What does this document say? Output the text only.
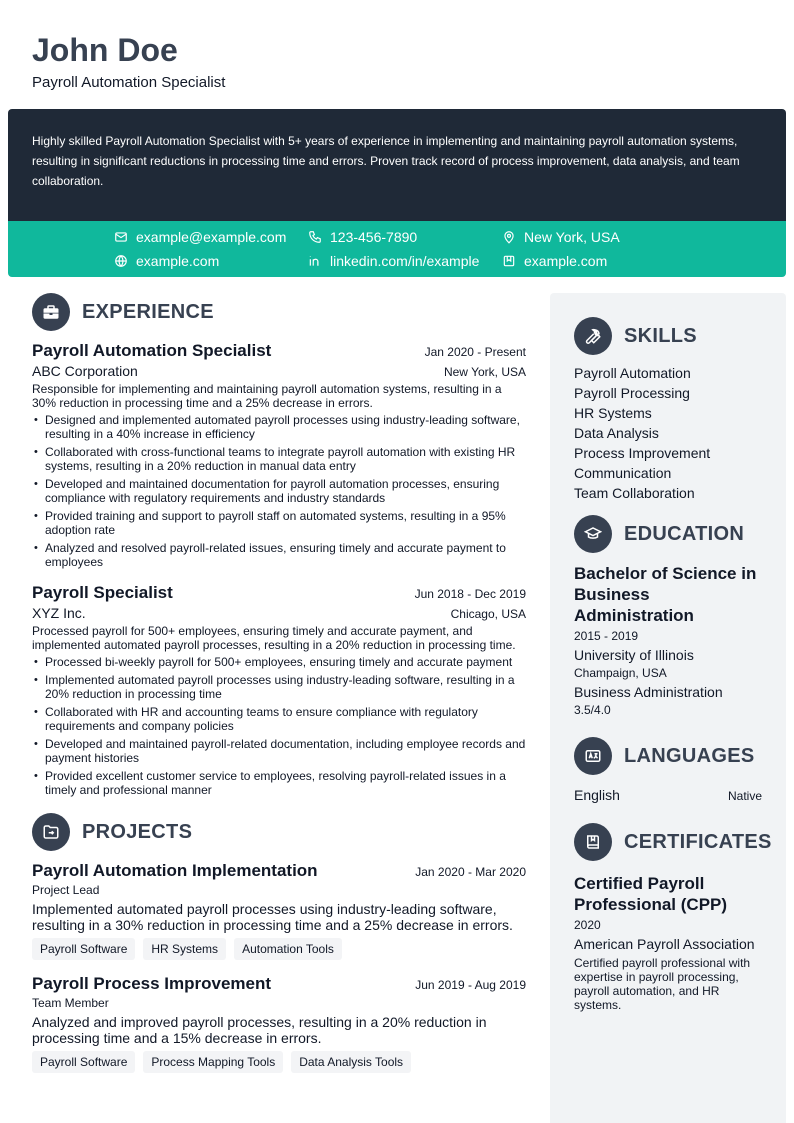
John Doe
Payroll Automation Specialist

Highly skilled Payroll Automation Specialist with 5+ years of experience in implementing and maintaining payroll automation systems, resulting in significant reductions in processing time and errors. Proven track record of process improvement, data analysis, and team collaboration.

example@example.com	123-456-7890	New York, USA
example.com	linkedin.com/in/example	example.com
EXPERIENCE
Payroll Automation Specialist	Jan 2020 - Present
ABC Corporation	New York, USA
Responsible for implementing and maintaining payroll automation systems, resulting in a 30% reduction in processing time and a 25% decrease in errors.
• Designed and implemented automated payroll processes using industry-leading software, resulting in a 40% increase in efficiency
• Collaborated with cross-functional teams to integrate payroll automation with existing HR systems, resulting in a 20% reduction in manual data entry
• Developed and maintained documentation for payroll automation processes, ensuring compliance with regulatory requirements and industry standards
• Provided training and support to payroll staff on automated systems, resulting in a 95% adoption rate
• Analyzed and resolved payroll-related issues, ensuring timely and accurate payment to employees
Payroll Specialist	Jun 2018 - Dec 2019
XYZ Inc.	Chicago, USA
Processed payroll for 500+ employees, ensuring timely and accurate payment, and implemented automated payroll processes, resulting in a 20% reduction in processing time.
• Processed bi-weekly payroll for 500+ employees, ensuring timely and accurate payment
• Implemented automated payroll processes using industry-leading software, resulting in a 20% reduction in processing time
• Collaborated with HR and accounting teams to ensure compliance with regulatory requirements and company policies
• Developed and maintained payroll-related documentation, including employee records and payment histories
• Provided excellent customer service to employees, resolving payroll-related issues in a timely and professional manner
PROJECTS
Payroll Automation Implementation	Jan 2020 - Mar 2020
Project Lead
Implemented automated payroll processes using industry-leading software, resulting in a 30% reduction in processing time and a 25% decrease in errors.
Payroll Software	HR Systems	Automation Tools
Payroll Process Improvement	Jun 2019 - Aug 2019
Team Member
Analyzed and improved payroll processes, resulting in a 20% reduction in processing time and a 15% decrease in errors.
Payroll Software	Process Mapping Tools	Data Analysis Tools
SKILLS
Payroll Automation
Payroll Processing
HR Systems
Data Analysis
Process Improvement
Communication
Team Collaboration
EDUCATION
Bachelor of Science in Business Administration
2015 - 2019
University of Illinois
Champaign, USA
Business Administration
3.5/4.0
LANGUAGES
English	Native
CERTIFICATES
Certified Payroll Professional (CPP)
2020
American Payroll Association
Certified payroll professional with expertise in payroll processing, payroll automation, and HR systems.
